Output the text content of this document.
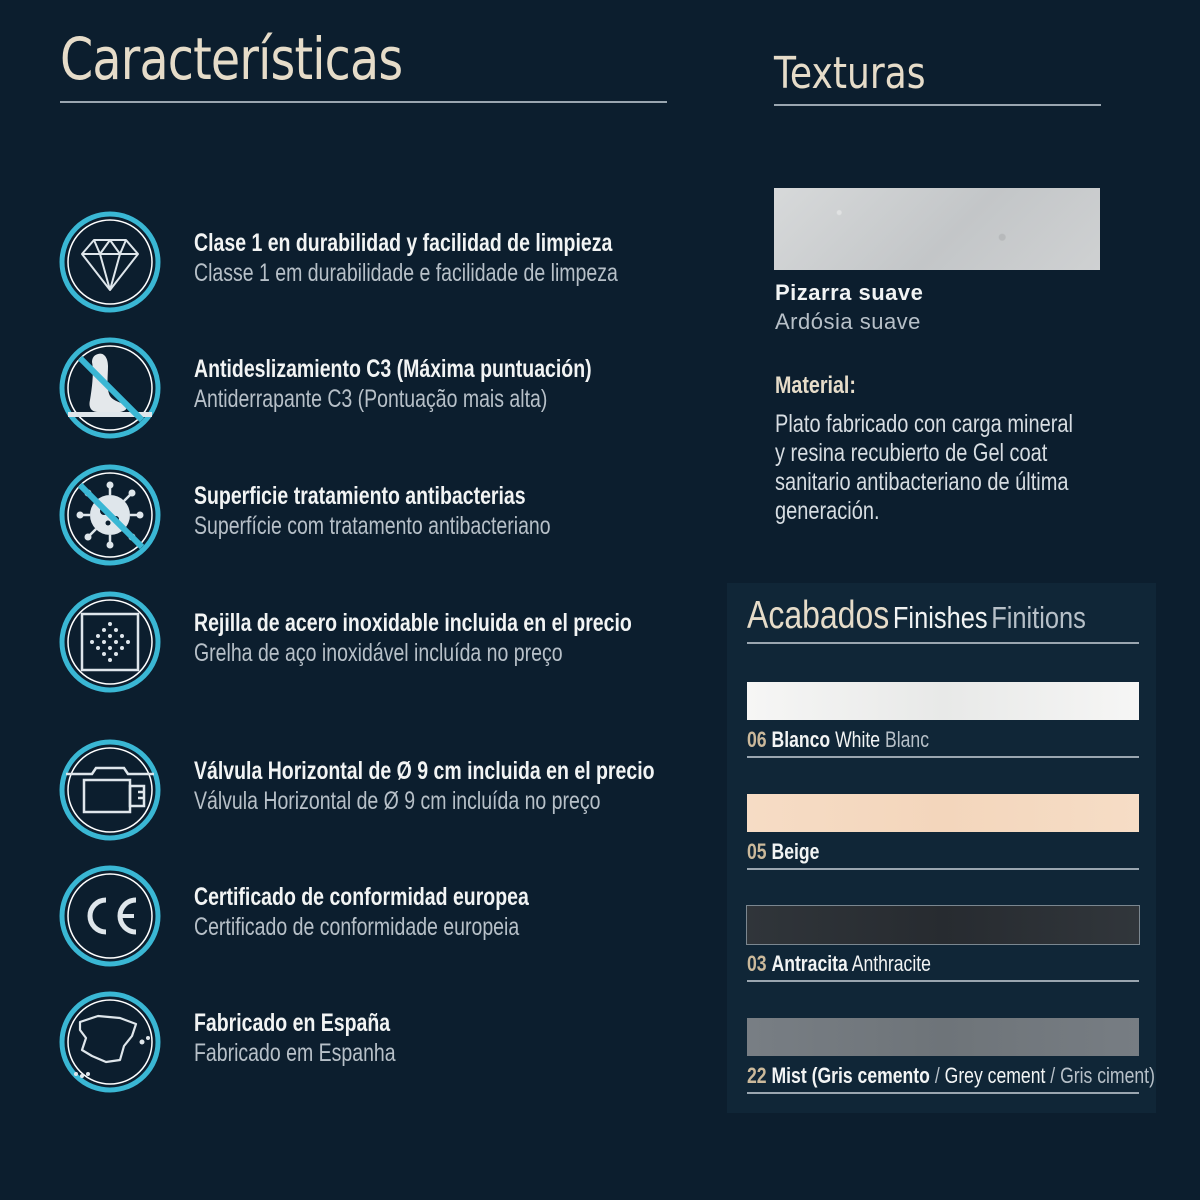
Características	Texturas
Clase 1 en durabilidad y facilidad de limpieza
Classe 1 em durabilidade e facilidade de limpeza
Antideslizamiento C3 (Máxima puntuación)
Antiderrapante C3 (Pontuação mais alta)
Superficie tratamiento antibacterias
Superfície com tratamento antibacteriano
Rejilla de acero inoxidable incluida en el precio
Grelha de aço inoxidável incluída no preço
Válvula Horizontal de Ø 9 cm incluida en el precio
Válvula Horizontal de Ø 9 cm incluída no preço
Certificado de conformidad europea
Certificado de conformidade europeia
Fabricado en España
Fabricado em Espanha
Pizarra suave
Ardósia suave
Material:
Plato fabricado con carga mineral
y resina recubierto de Gel coat
sanitario antibacteriano de última
generación.
Acabados Finishes Finitions
06 Blanco White Blanc
05 Beige
03 Antracita Anthracite
22 Mist (Gris cemento / Grey cement / Gris ciment)
